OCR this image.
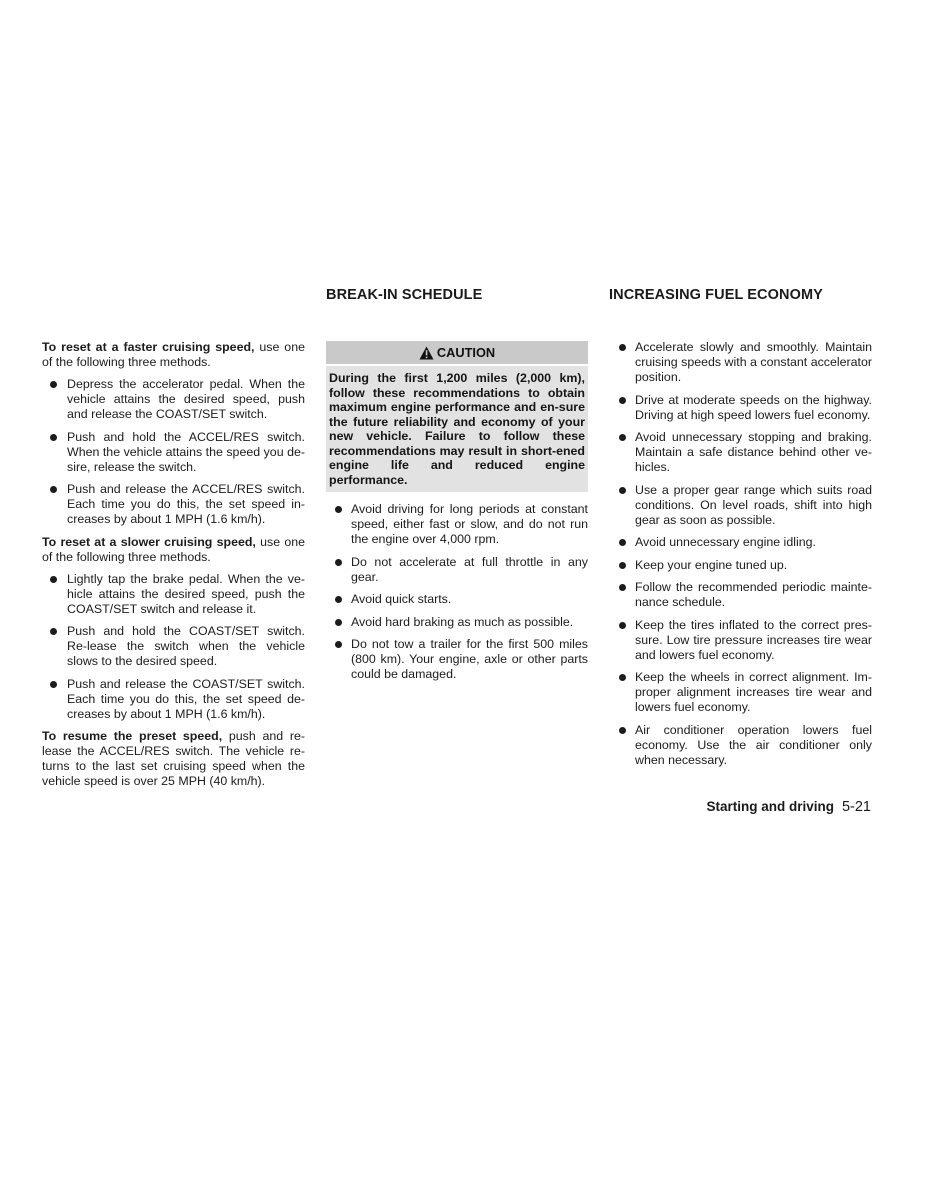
BREAK-IN SCHEDULE	INCREASING FUEL ECONOMY

To reset at a faster cruising speed, use one of the following three methods.

Depress the accelerator pedal. When the vehicle attains the desired speed, push and release the COAST/SET switch.
Push and hold the ACCEL/RES switch. When the vehicle attains the speed you de-sire, release the switch.
Push and release the ACCEL/RES switch. Each time you do this, the set speed in-creases by about 1 MPH (1.6 km/h).

To reset at a slower cruising speed, use one of the following three methods.

Lightly tap the brake pedal. When the ve-hicle attains the desired speed, push the COAST/SET switch and release it.
Push and hold the COAST/SET switch. Re-lease the switch when the vehicle slows to the desired speed.
Push and release the COAST/SET switch. Each time you do this, the set speed de-creases by about 1 MPH (1.6 km/h).

To resume the preset speed, push and re-lease the ACCEL/RES switch. The vehicle re-turns to the last set cruising speed when the vehicle speed is over 25 MPH (40 km/h).

CAUTION
During the first 1,200 miles (2,000 km), follow these recommendations to obtain maximum engine performance and en-sure the future reliability and economy of your new vehicle. Failure to follow these recommendations may result in short-ened engine life and reduced engine performance.
Avoid driving for long periods at constant speed, either fast or slow, and do not run the engine over 4,000 rpm.
Do not accelerate at full throttle in any gear.
Avoid quick starts.
Avoid hard braking as much as possible.
Do not tow a trailer for the first 500 miles (800 km). Your engine, axle or other parts could be damaged.
Accelerate slowly and smoothly. Maintain cruising speeds with a constant accelerator position.
Drive at moderate speeds on the highway. Driving at high speed lowers fuel economy.
Avoid unnecessary stopping and braking. Maintain a safe distance behind other ve-hicles.
Use a proper gear range which suits road conditions. On level roads, shift into high gear as soon as possible.
Avoid unnecessary engine idling.
Keep your engine tuned up.
Follow the recommended periodic mainte-nance schedule.
Keep the tires inflated to the correct pres-sure. Low tire pressure increases tire wear and lowers fuel economy.
Keep the wheels in correct alignment. Im-proper alignment increases tire wear and lowers fuel economy.
Air conditioner operation lowers fuel economy. Use the air conditioner only when necessary.
Starting and driving 5-21
